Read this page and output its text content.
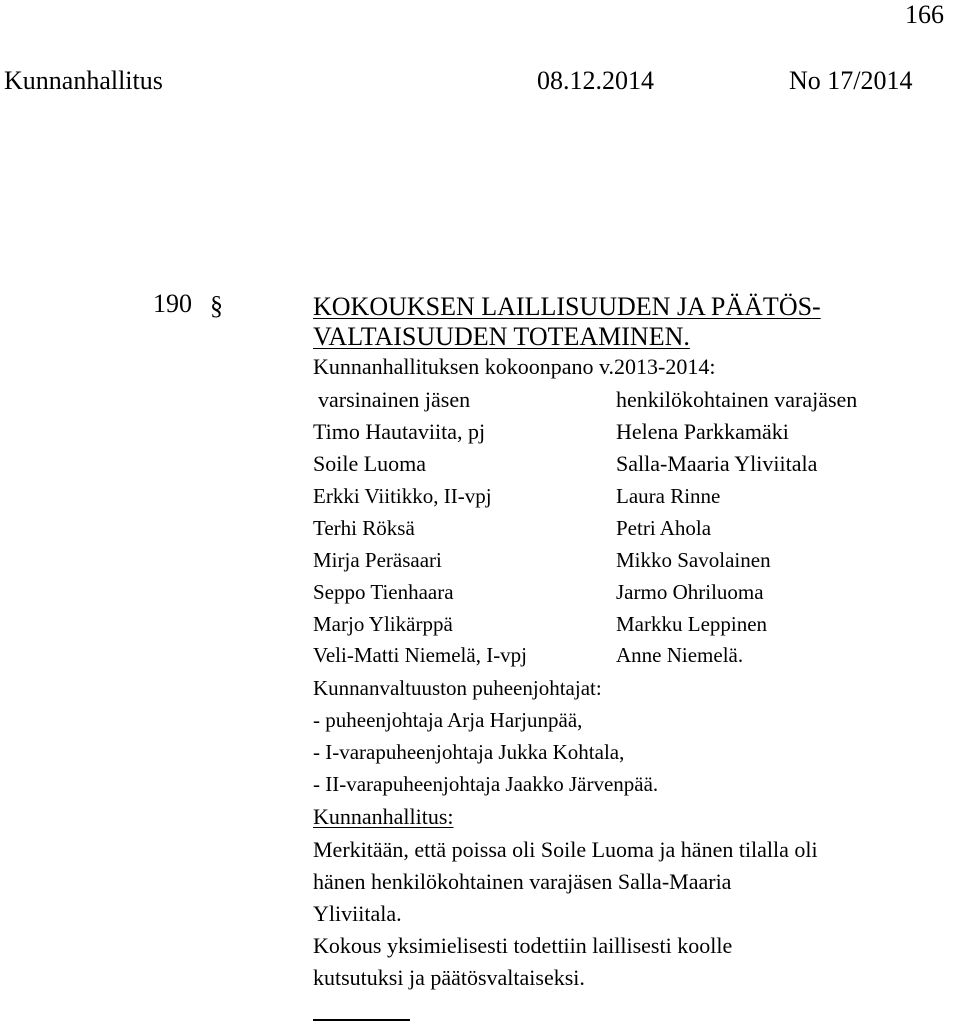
166
Kunnanhallitus	08.12.2014	No 17/2014
190 §	KOKOUKSEN LAILLISUUDEN JA PÄÄTÖS-
VALTAISUUDEN TOTEAMINEN.
Kunnanhallituksen kokoonpano v.2013-2014:
varsinainen jäsen	henkilökohtainen varajäsen
Timo Hautaviita, pj	Helena Parkkamäki
Soile Luoma	Salla-Maaria Yliviitala
Erkki Viitikko, II-vpj	Laura Rinne
Terhi Röksä	Petri Ahola
Mirja Peräsaari	Mikko Savolainen
Seppo Tienhaara	Jarmo Ohriluoma
Marjo Ylikärppä	Markku Leppinen
Veli-Matti Niemelä, I-vpj	Anne Niemelä.
Kunnanvaltuuston puheenjohtajat:
- puheenjohtaja Arja Harjunpää,
- I-varapuheenjohtaja Jukka Kohtala,
- II-varapuheenjohtaja Jaakko Järvenpää.
Kunnanhallitus:
Merkitään, että poissa oli Soile Luoma ja hänen tilalla oli
hänen henkilökohtainen varajäsen Salla-Maaria
Yliviitala.
Kokous yksimielisesti todettiin laillisesti koolle
kutsutuksi ja päätösvaltaiseksi.
